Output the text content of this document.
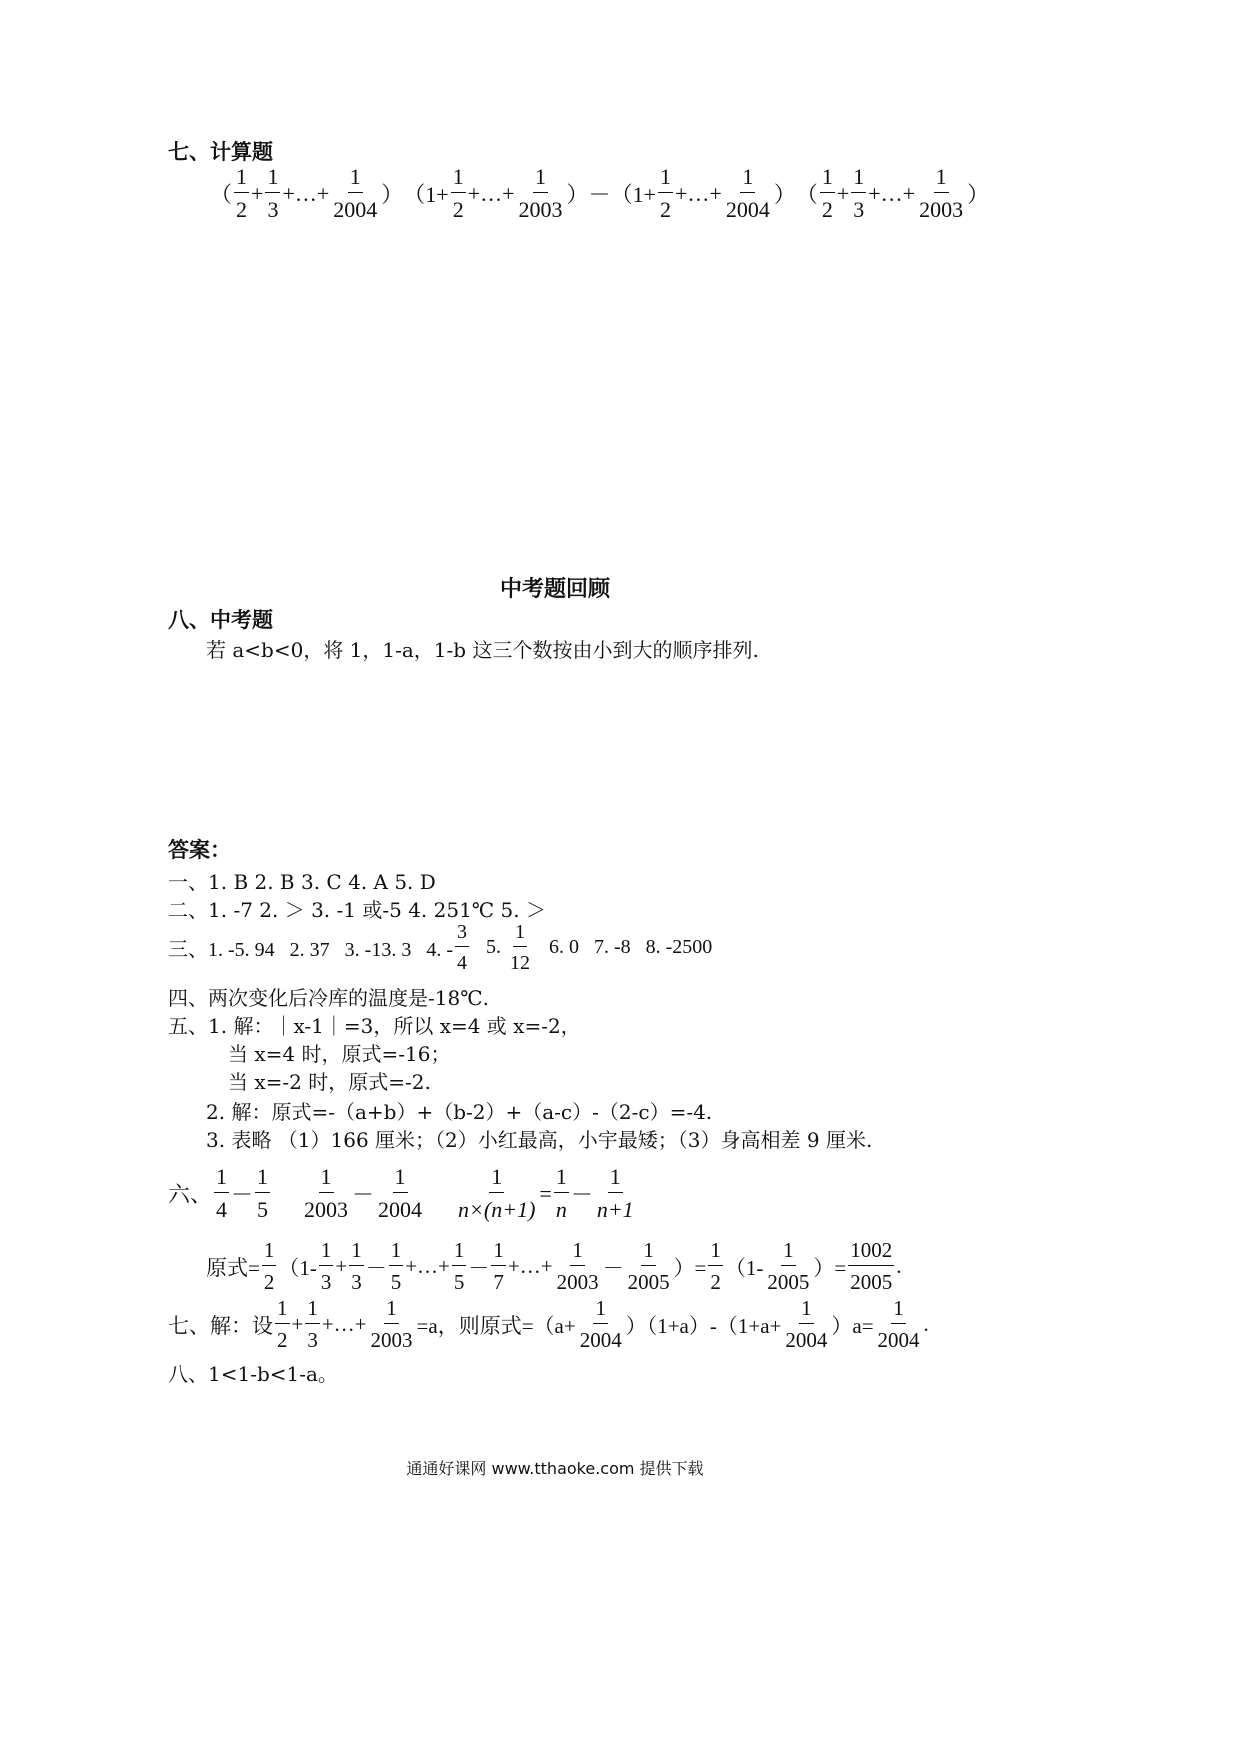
七、计算题
（ $\frac{1}{2} + \frac{1}{3}$ +…+ $\frac{1}{2004}$ ） （$1+ \frac{1}{2}$ +…+ $\frac{1}{2003}$ ） － （$1+ \frac{1}{2}$ +…+ $\frac{1}{2004}$ ） （ $\frac{1}{2} + \frac{1}{3}$ +…+ $\frac{1}{2003}$ ）
中考题回顾
八、中考题
若 a<b<0，将 1，1-a，1-b 这三个数按由小到大的顺序排列.
答案：
一、1. B 2. B 3. C 4. A 5. D
二、1. -7 2. ＞ 3. -1 或-5 4. 251℃ 5. ＞
三、1. -5. 94   2. 37   3. -13. 3   4. - $\frac{3}{4} 5$. $\frac{1}{12} 6$. 0   7. -8   8. -2500
四、两次变化后冷库的温度是-18℃.
五、1. 解：｜x-1｜=3，所以 x=4 或 x=-2，
当 x=4 时，原式=-16；
当 x=-2 时，原式=-2.
2. 解：原式=-（a+b）+（b-2）+（a-c）-（2-c）=-4.
3. 表略 （1）166 厘米；（2）小红最高，小宇最矮；（3）身高相差 9 厘米.
六、 $\frac{1}{4} - \frac{1}{5} \frac{1}{2003} - \frac{1}{2004} \frac{1}{n\times(n+1)} = \frac{1}{n} - \frac{1}{n+1}$
原式= $\frac{1}{2} (1- \frac{1}{3} + \frac{1}{3} - \frac{1}{5}$ +…+ $\frac{1}{5} - \frac{1}{7}$ +…+ $\frac{1}{2003} - \frac{1}{2005}$ ）= $\frac{1}{2} (1- \frac{1}{2005}$ ）= $\frac{1002}{2005}$ .
七、解：设 $\frac{1}{2} + \frac{1}{3}$ +…+ $\frac{1}{2003} =a$，则原式$=(a+ \frac{1}{2004} )(1+a)-(1+a+ \frac{1}{2004} )a= \frac{1}{2004}$ .
八、1<1-b<1-a。
通通好课网 www.tthaoke.com 提供下载
